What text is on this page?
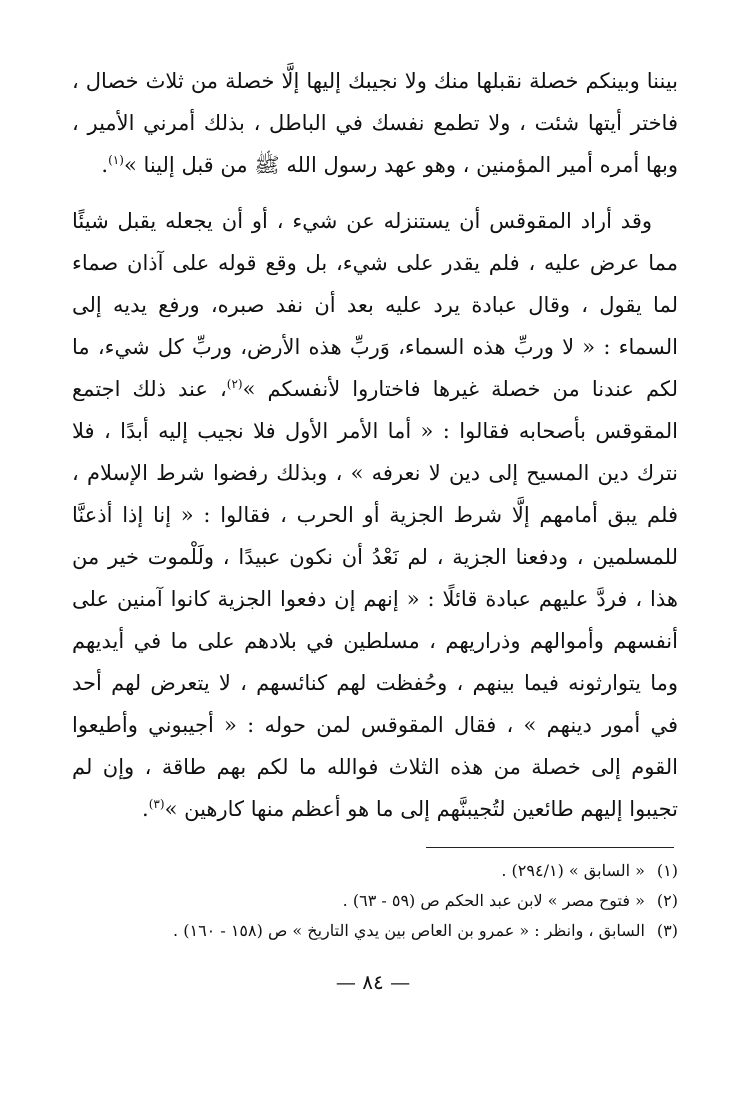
بيننا وبينكم خصلة نقبلها منك ولا نجيبك إليها إلَّا خصلة من ثلاث خصال ، فاختر أيتها شئت ، ولا تطمع نفسك في الباطل ، بذلك أمرني الأمير ، وبها أمره أمير المؤمنين ، وهو عهد رسول الله ﷺ من قبل إلينا »$^{(١)}$.

وقد أراد المقوقس أن يستنزله عن شيء ، أو أن يجعله يقبل شيئًا مما عرض عليه ، فلم يقدر على شيء، بل وقع قوله على آذان صماء لما يقول ، وقال عبادة يرد عليه بعد أن نفد صبره، ورفع يديه إلى السماء : « لا وربِّ هذه السماء، وَربِّ هذه الأرض، وربِّ كل شيء، ما لكم عندنا من خصلة غيرها فاختاروا لأنفسكم »$^{(٢)}$، عند ذلك اجتمع المقوقس بأصحابه فقالوا : « أما الأمر الأول فلا نجيب إليه أبدًا ، فلا نترك دين المسيح إلى دين لا نعرفه » ، وبذلك رفضوا شرط الإسلام ، فلم يبق أمامهم إلَّا شرط الجزية أو الحرب ، فقالوا : « إنا إذا أذعنَّا للمسلمين ، ودفعنا الجزية ، لم نَعْدُ أن نكون عبيدًا ، ولَلْموت خير من هذا ، فردَّ عليهم عبادة قائلًا : « إنهم إن دفعوا الجزية كانوا آمنين على أنفسهم وأموالهم وذراريهم ، مسلطين في بلادهم على ما في أيديهم وما يتوارثونه فيما بينهم ، وحُفظت لهم كنائسهم ، لا يتعرض لهم أحد في أمور دينهم » ، فقال المقوقس لمن حوله : « أجيبوني وأطيعوا القوم إلى خصلة من هذه الثلاث فوالله ما لكم بهم طاقة ، وإن لم تجيبوا إليهم طائعين لتُجيبنَّهم إلى ما هو أعظم منها كارهين »$^{(٣)}$.

(١)« السابق » (٢٩٤/١) .
(٢)« فتوح مصر » لابن عبد الحكم ص (٥٩ - ٦٣) .
(٣)السابق ، وانظر : « عمرو بن العاص بين يدي التاريخ » ص (١٥٨ - ١٦٠) .
— ٨٤ —
